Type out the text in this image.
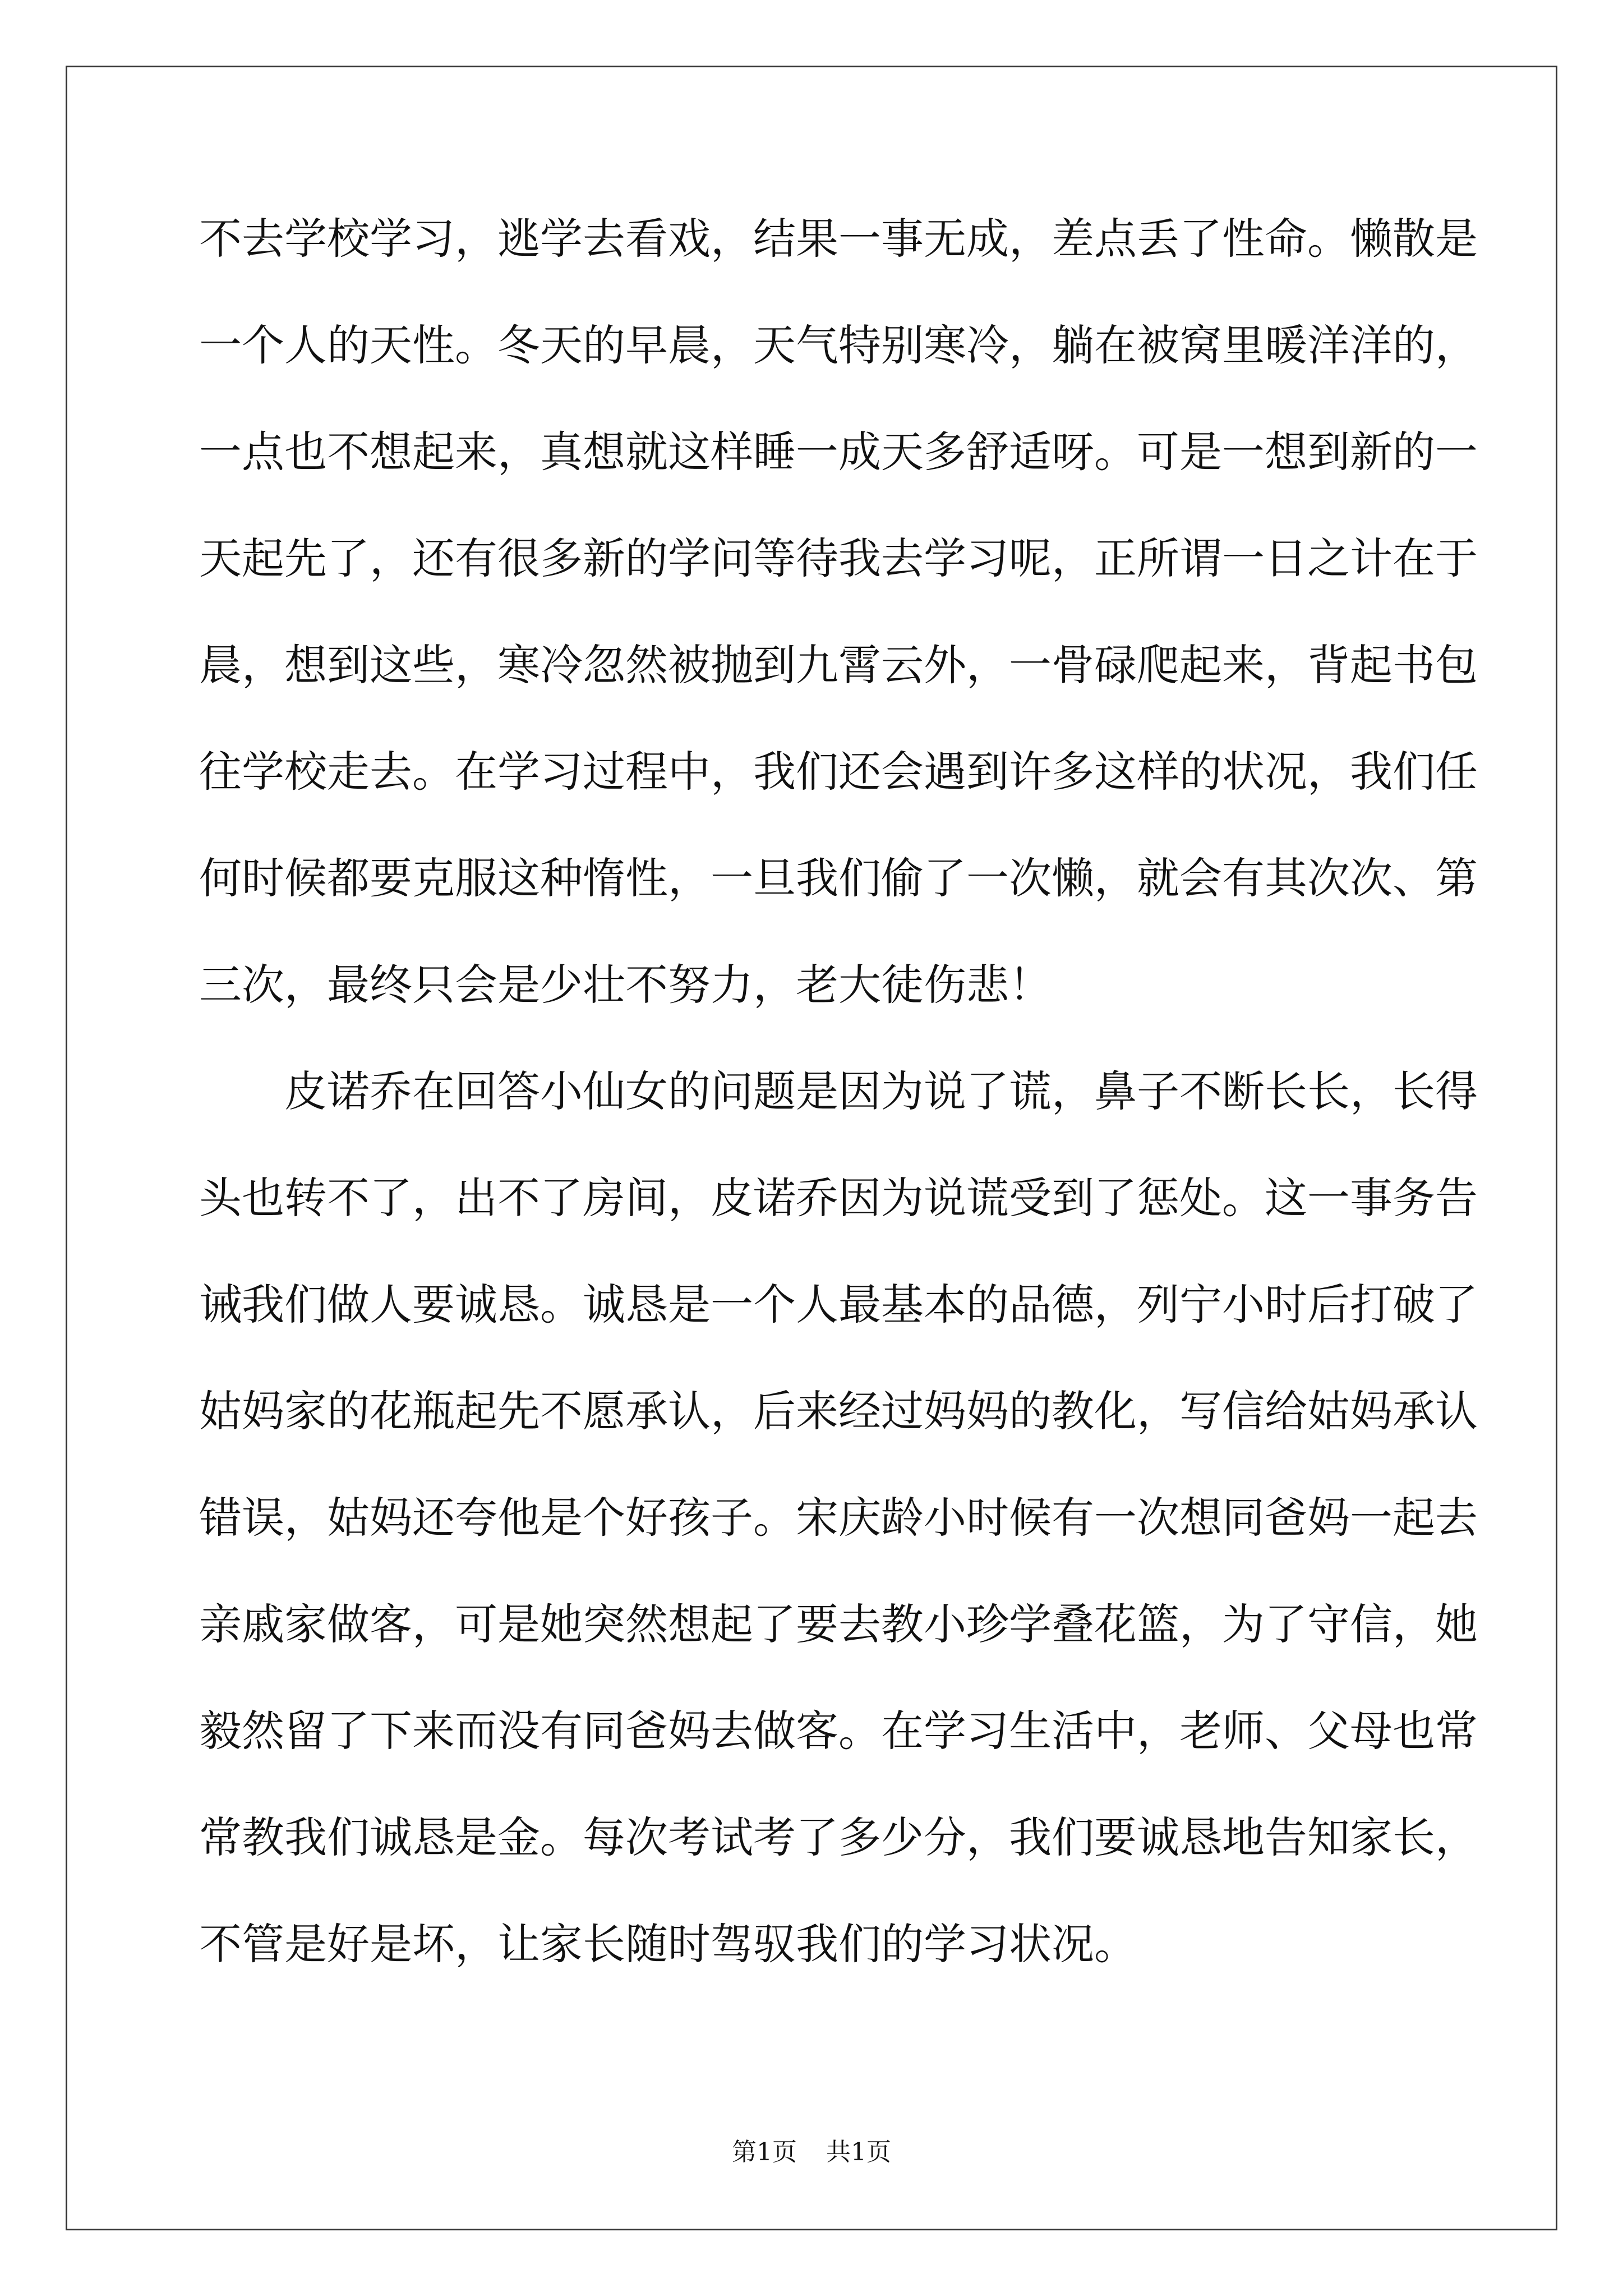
不去学校学习，逃学去看戏，结果一事无成，差点丢了性命。懒散是
一个人的天性。冬天的早晨，天气特别寒冷，躺在被窝里暖洋洋的，
一点也不想起来，真想就这样睡一成天多舒适呀。可是一想到新的一
天起先了，还有很多新的学问等待我去学习呢，正所谓一日之计在于
晨，想到这些，寒冷忽然被抛到九霄云外，一骨碌爬起来，背起书包
往学校走去。在学习过程中，我们还会遇到许多这样的状况，我们任
何时候都要克服这种惰性，一旦我们偷了一次懒，就会有其次次、第
三次，最终只会是少壮不努力，老大徒伤悲！
皮诺乔在回答小仙女的问题是因为说了谎，鼻子不断长长，长得
头也转不了，出不了房间，皮诺乔因为说谎受到了惩处。这一事务告
诫我们做人要诚恳。诚恳是一个人最基本的品德，列宁小时后打破了
姑妈家的花瓶起先不愿承认，后来经过妈妈的教化，写信给姑妈承认
错误，姑妈还夸他是个好孩子。宋庆龄小时候有一次想同爸妈一起去
亲戚家做客，可是她突然想起了要去教小珍学叠花篮，为了守信，她
毅然留了下来而没有同爸妈去做客。在学习生活中，老师、父母也常
常教我们诚恳是金。每次考试考了多少分，我们要诚恳地告知家长，
不管是好是坏，让家长随时驾驭我们的学习状况。
第1页 共1页
